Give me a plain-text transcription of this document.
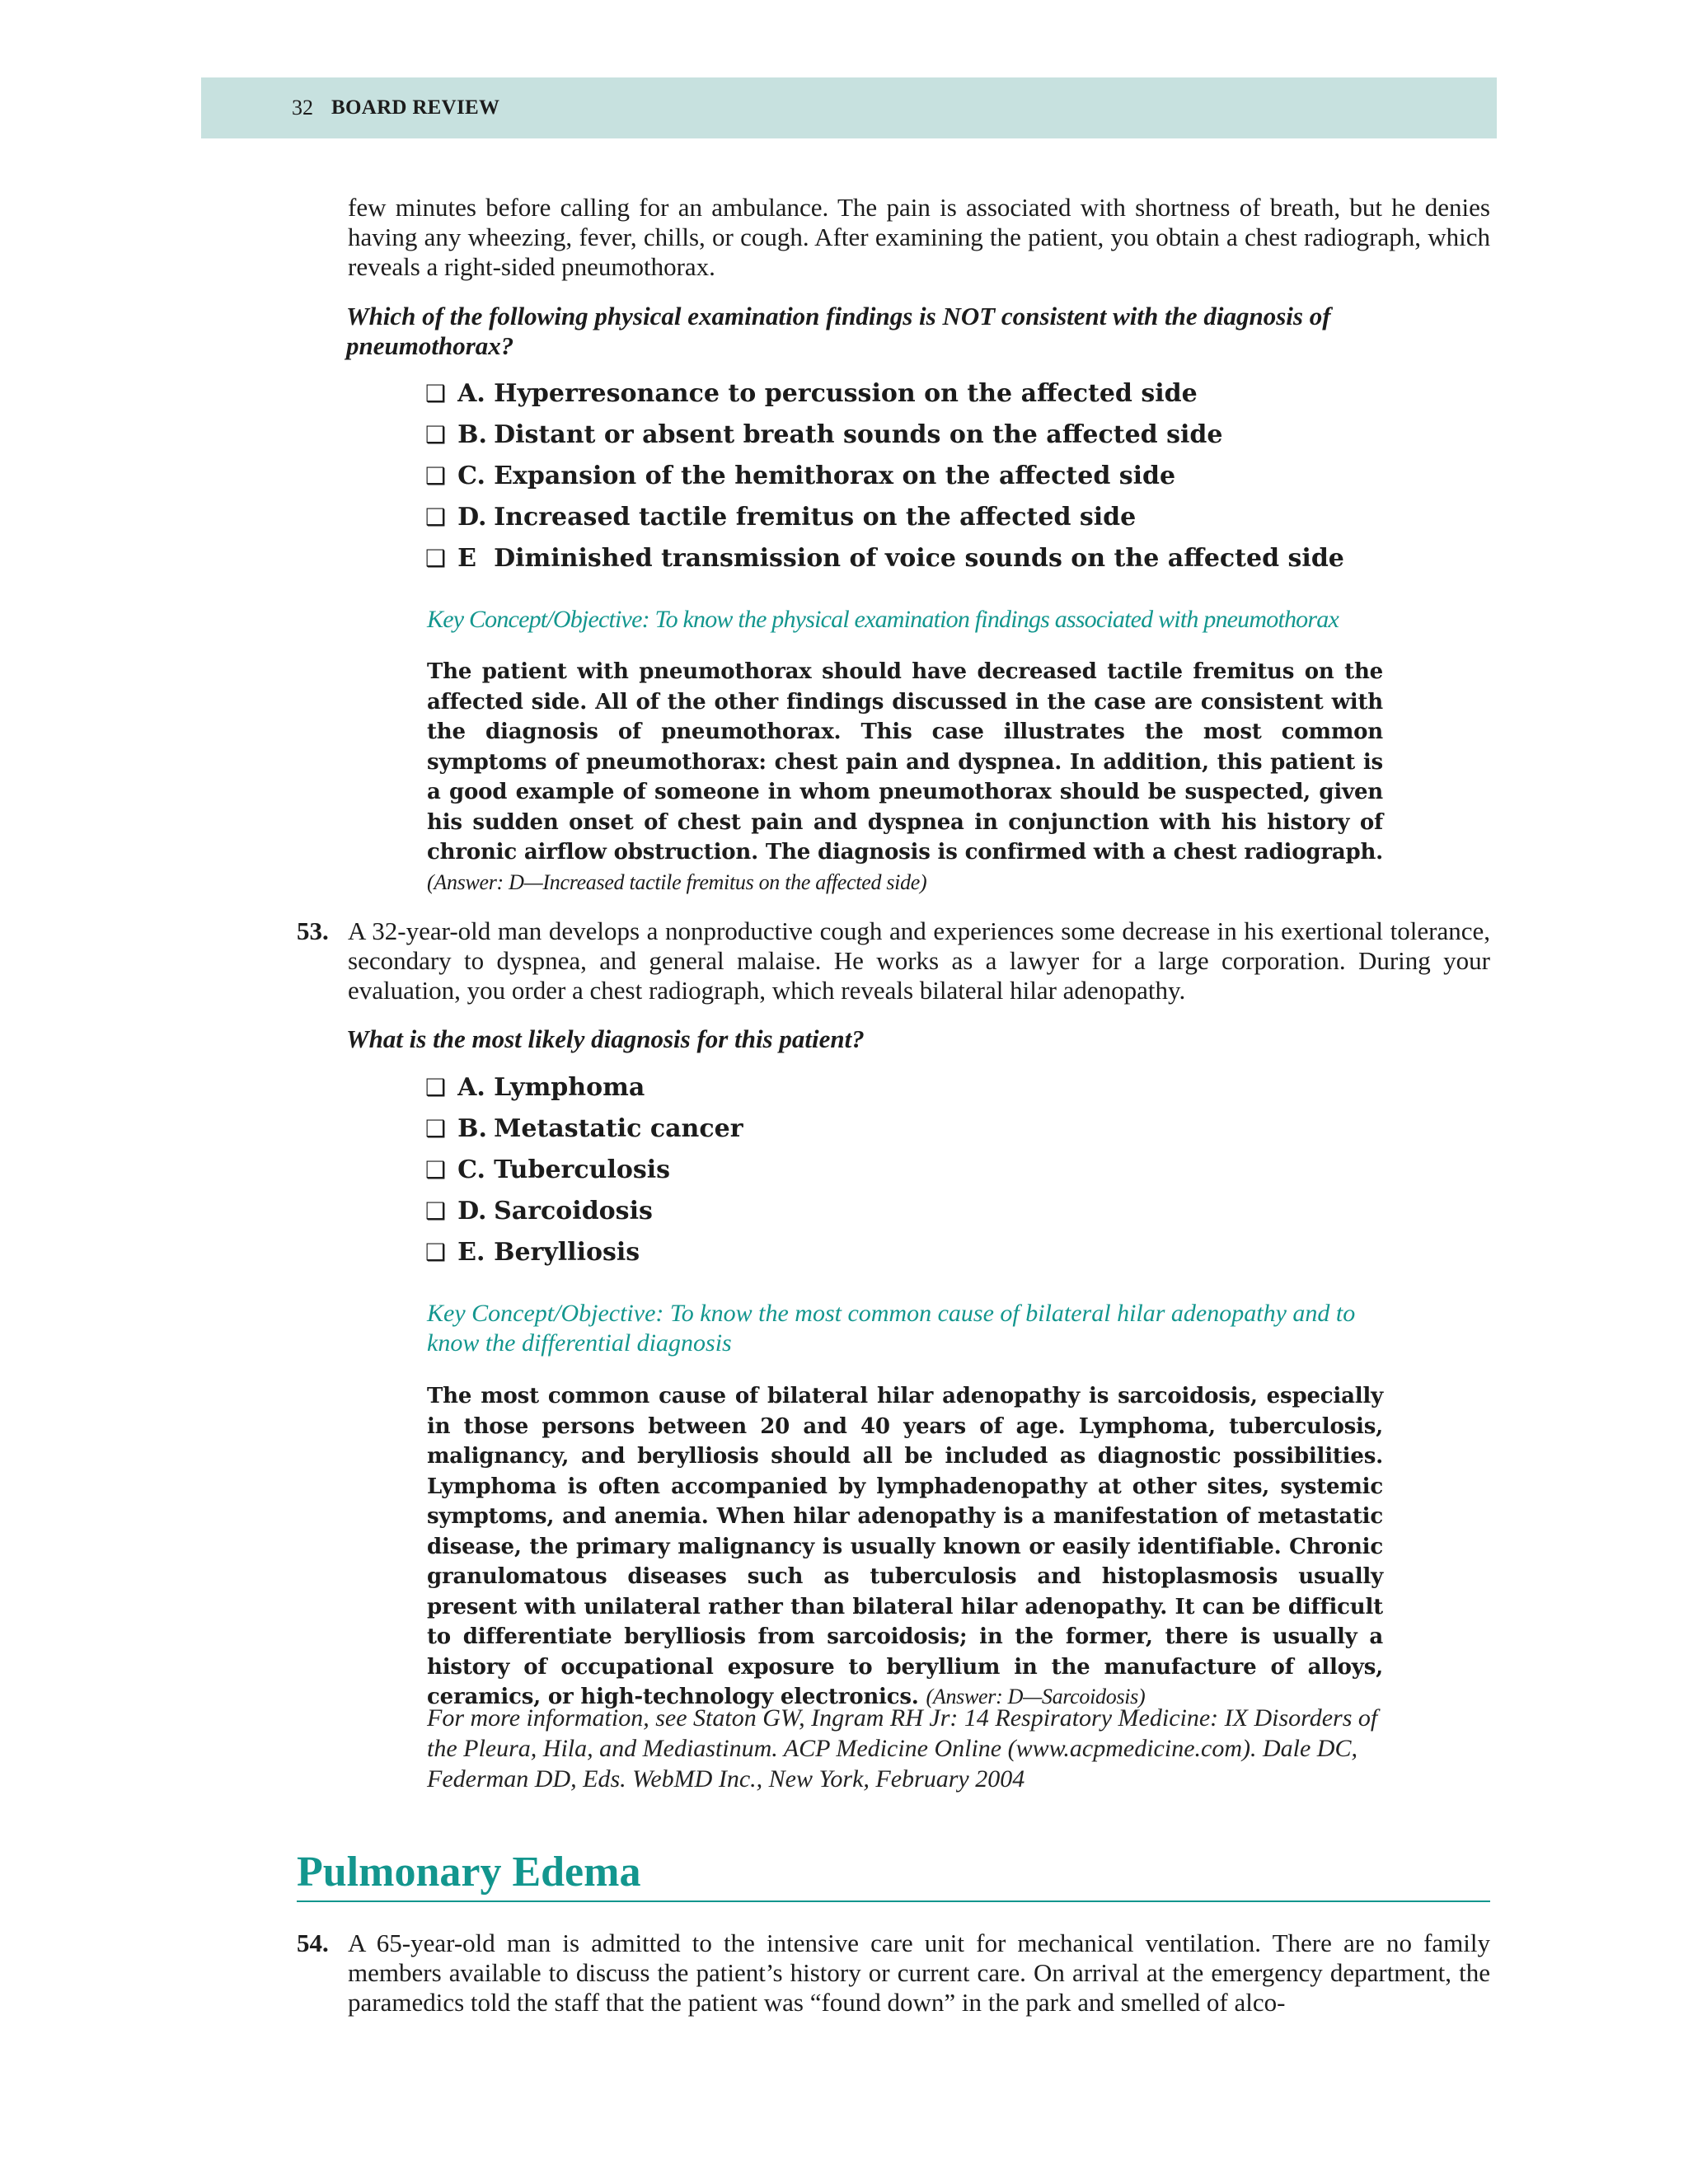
32 BOARD REVIEW
few minutes before calling for an ambulance. The pain is associated with shortness of breath, but he denies having any wheezing, fever, chills, or cough. After examining the patient, you obtain a chest radiograph, which reveals a right-sided pneumothorax.
Which of the following physical examination findings is NOT consistent with the diagnosis of pneumothorax?
❑ A. Hyperresonance to percussion on the affected side
❑ B. Distant or absent breath sounds on the affected side
❑ C. Expansion of the hemithorax on the affected side
❑ D. Increased tactile fremitus on the affected side
❑ E Diminished transmission of voice sounds on the affected side
Key Concept/Objective: To know the physical examination findings associated with pneumothorax
The patient with pneumothorax should have decreased tactile fremitus on the affected side. All of the other findings discussed in the case are consistent with the diagnosis of pneumothorax. This case illustrates the most common symptoms of pneumothorax: chest pain and dyspnea. In addition, this patient is a good example of someone in whom pneumothorax should be suspected, given his sudden onset of chest pain and dyspnea in conjunction with his history of chronic airflow obstruction. The diagnosis is confirmed with a chest radiograph. (Answer: D—Increased tactile fremitus on the affected side)
53. A 32-year-old man develops a nonproductive cough and experiences some decrease in his exertional tolerance, secondary to dyspnea, and general malaise. He works as a lawyer for a large corporation. During your evaluation, you order a chest radiograph, which reveals bilateral hilar adenopathy.
What is the most likely diagnosis for this patient?
❑ A. Lymphoma
❑ B. Metastatic cancer
❑ C. Tuberculosis
❑ D. Sarcoidosis
❑ E. Berylliosis
Key Concept/Objective: To know the most common cause of bilateral hilar adenopathy and to know the differential diagnosis
The most common cause of bilateral hilar adenopathy is sarcoidosis, especially in those persons between 20 and 40 years of age. Lymphoma, tuberculosis, malignancy, and berylliosis should all be included as diagnostic possibilities. Lymphoma is often accompanied by lymphadenopathy at other sites, systemic symptoms, and anemia. When hilar adenopathy is a manifestation of metastatic disease, the primary malignancy is usually known or easily identifiable. Chronic granulomatous diseases such as tuberculosis and histoplasmosis usually present with unilateral rather than bilateral hilar adenopathy. It can be difficult to differentiate berylliosis from sarcoidosis; in the former, there is usually a history of occupational exposure to beryllium in the manufacture of alloys, ceramics, or high-technology electronics. (Answer: D—Sarcoidosis)
For more information, see Staton GW, Ingram RH Jr: 14 Respiratory Medicine: IX Disorders of the Pleura, Hila, and Mediastinum. ACP Medicine Online (www.acpmedicine.com). Dale DC, Federman DD, Eds. WebMD Inc., New York, February 2004
Pulmonary Edema
54. A 65-year-old man is admitted to the intensive care unit for mechanical ventilation. There are no family members available to discuss the patient’s history or current care. On arrival at the emergency department, the paramedics told the staff that the patient was “found down” in the park and smelled of alco-
